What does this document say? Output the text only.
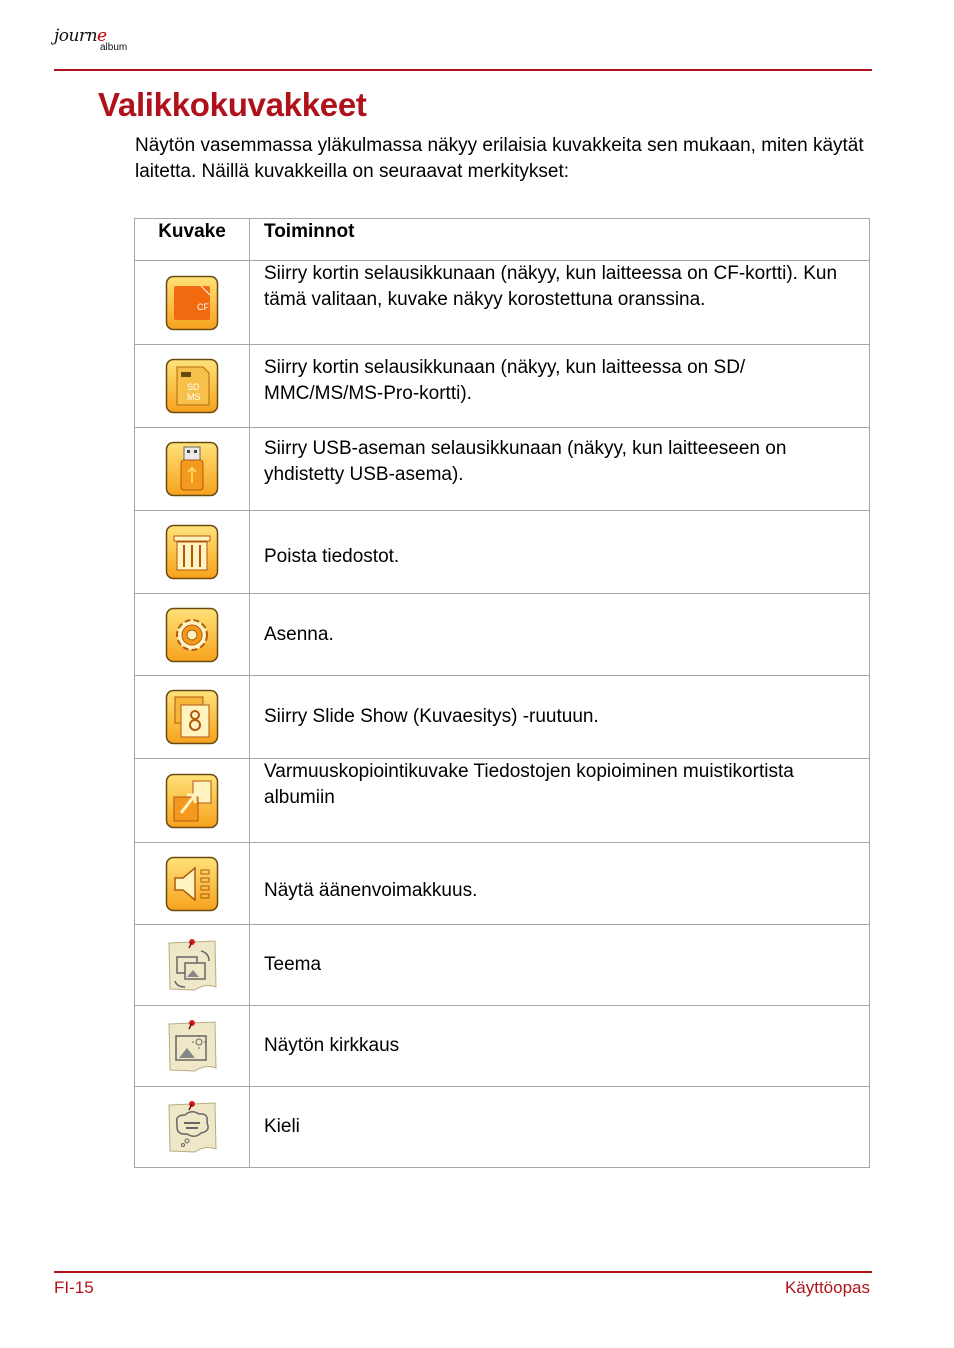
journe
album
Valikkokuvakkeet

Näytön vasemmassa yläkulmassa näkyy erilaisia kuvakkeita sen mukaan, miten käytät laitetta. Näillä kuvakkeilla on seuraavat merkitykset:

Kuvake	Toiminnot

CF	Siirry kortin selausikkunaan (näkyy, kun laitteessa on CF-kortti). Kun tämä valitaan, kuvake näkyy korostettuna oranssina.

SD
MS	Siirry kortin selausikkunaan (näkyy, kun laitteessa on SD/ MMC/MS/MS-Pro-kortti).

Siirry USB-aseman selausikkunaan (näkyy, kun laitteeseen on yhdistetty USB-asema).

Poista tiedostot.

Asenna.

Siirry Slide Show (Kuvaesitys) -ruutuun.

Varmuuskopiointikuvake Tiedostojen kopioiminen muistikortista albumiin

Näytä äänenvoimakkuus.

Teema

Näytön kirkkaus

Kieli
FI-15	Käyttöopas
